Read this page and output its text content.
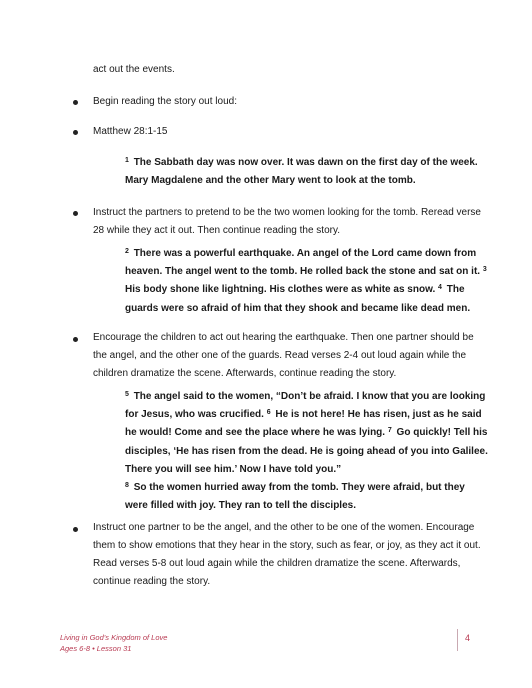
act out the events.
Begin reading the story out loud:
Matthew 28:1-15
$^1$ The Sabbath day was now over. It was dawn on the first day of the week. Mary Magdalene and the other Mary went to look at the tomb.
Instruct the partners to pretend to be the two women looking for the tomb. Reread verse 28 while they act it out. Then continue reading the story.
$^2$ There was a powerful earthquake. An angel of the Lord came down from heaven. The angel went to the tomb. He rolled back the stone and sat on it. $^3$ His body shone like lightning. His clothes were as white as snow. $^4$ The guards were so afraid of him that they shook and became like dead men.
Encourage the children to act out hearing the earthquake. Then one partner should be the angel, and the other one of the guards. Read verses 2-4 out loud again while the children dramatize the scene. Afterwards, continue reading the story.
$^5$ The angel said to the women, “Don’t be afraid. I know that you are looking for Jesus, who was crucified. $^6$ He is not here! He has risen, just as he said he would! Come and see the place where he was lying. $^7$ Go quickly! Tell his disciples, ‘He has risen from the dead. He is going ahead of you into Galilee. There you will see him.’ Now I have told you.”
$^8$ So the women hurried away from the tomb. They were afraid, but they were filled with joy. They ran to tell the disciples.
Instruct one partner to be the angel, and the other to be one of the women. Encourage them to show emotions that they hear in the story, such as fear, or joy, as they act it out. Read verses 5-8 out loud again while the children dramatize the scene. Afterwards, continue reading the story.
Living in God’s Kingdom of Love
Ages 6-8 • Lesson 31
4
